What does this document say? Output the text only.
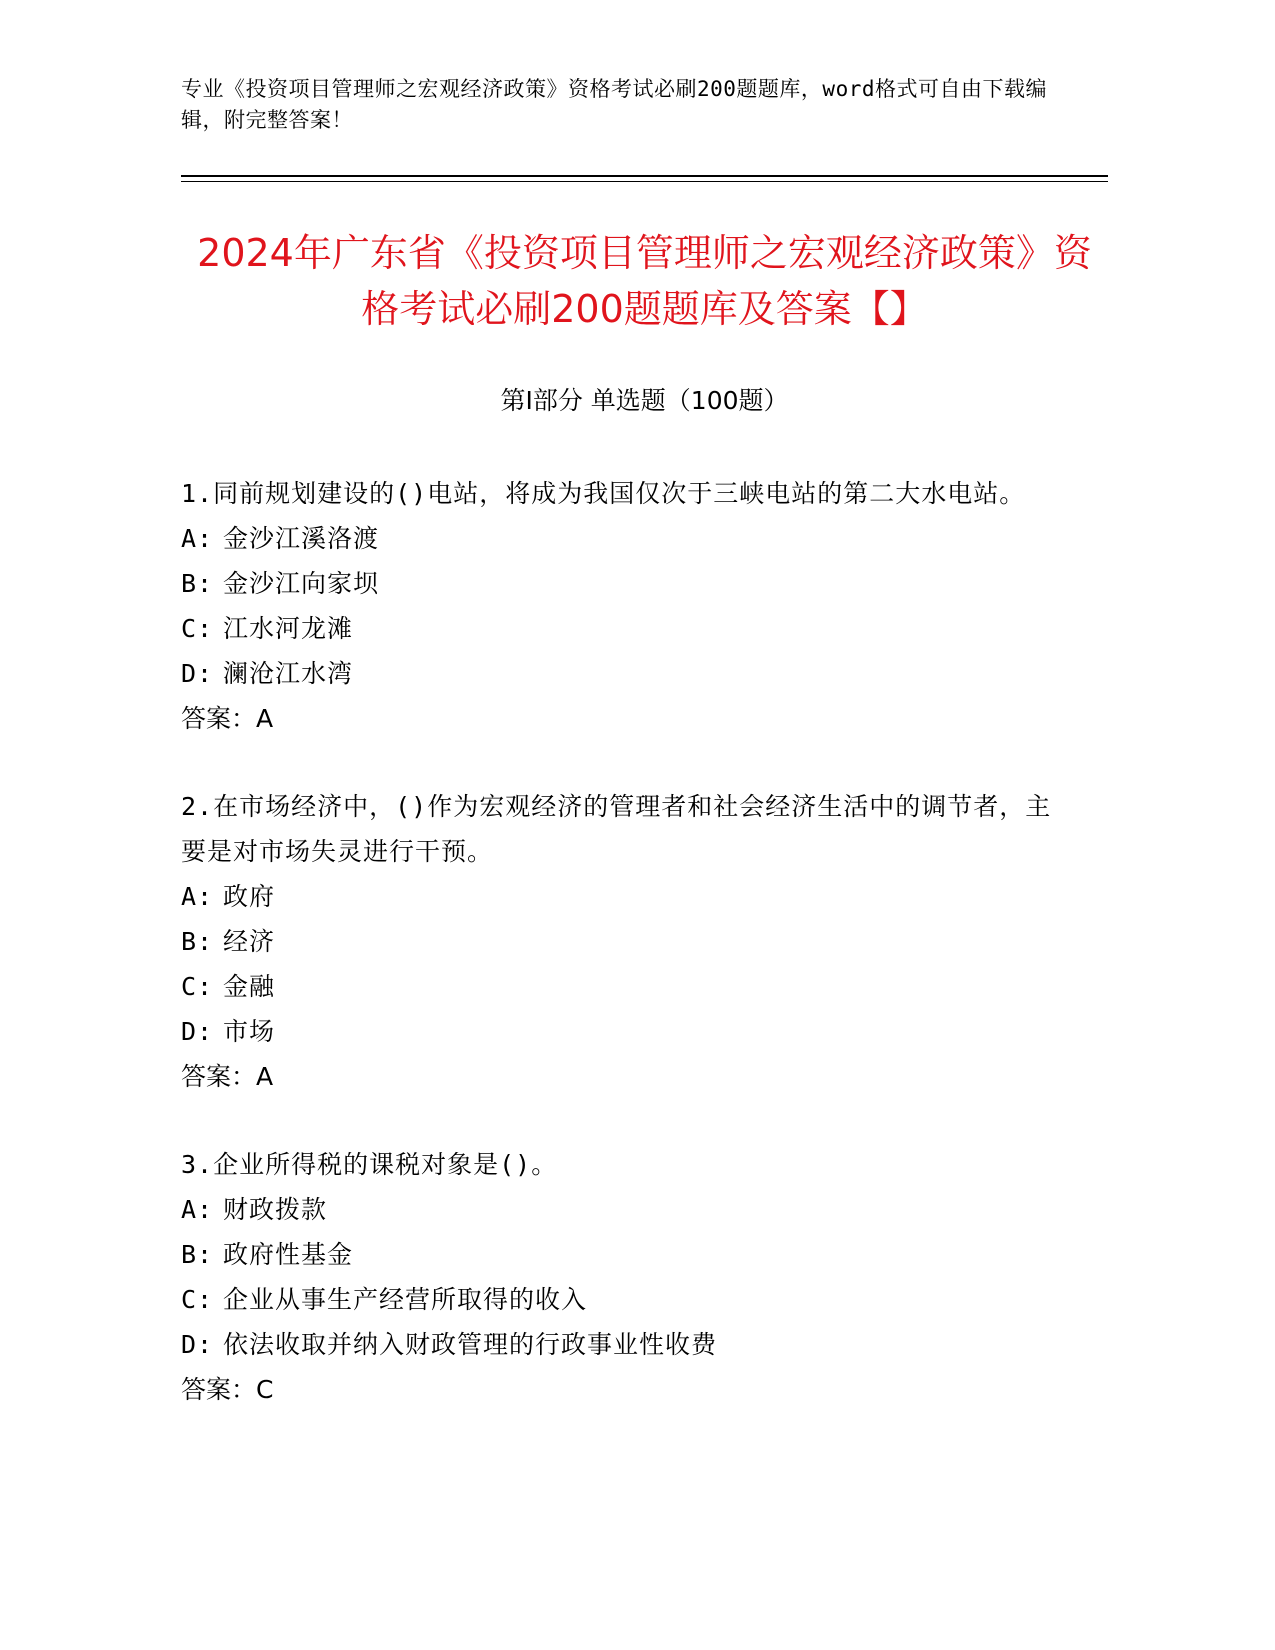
专业《投资项目管理师之宏观经济政策》资格考试必刷200题题库，word格式可自由下载编辑，附完整答案！
2024年广东省《投资项目管理师之宏观经济政策》资格考试必刷200题题库及答案【】
第Ⅰ部分 单选题（100题）
1.同前规划建设的()电站，将成为我国仅次于三峡电站的第二大水电站。
A: 金沙江溪洛渡
B: 金沙江向家坝
C: 江水河龙滩
D: 澜沧江水湾
答案：A
2.在市场经济中，()作为宏观经济的管理者和社会经济生活中的调节者，主要是对市场失灵进行干预。
A: 政府
B: 经济
C: 金融
D: 市场
答案：A
3.企业所得税的课税对象是()。
A: 财政拨款
B: 政府性基金
C: 企业从事生产经营所取得的收入
D: 依法收取并纳入财政管理的行政事业性收费
答案：C
